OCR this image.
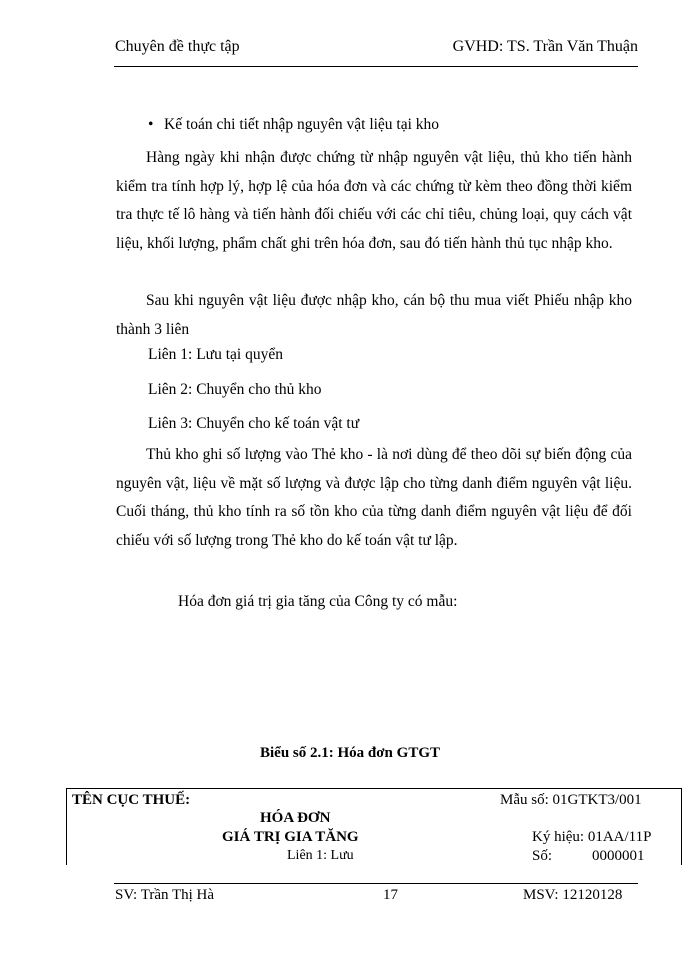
Chuyên đề thực tập	GVHD: TS. Trần Văn Thuận
• Kế toán chi tiết nhập nguyên vật liệu tại kho
Hàng ngày khi nhận được chứng từ nhập nguyên vật liệu, thủ kho tiến hành kiểm tra tính hợp lý, hợp lệ của hóa đơn và các chứng từ kèm theo đồng thời kiểm tra thực tế lô hàng và tiến hành đối chiếu với các chỉ tiêu, chủng loại, quy cách vật liệu, khối lượng, phẩm chất ghi trên hóa đơn, sau đó tiến hành thủ tục nhập kho.
Sau khi nguyên vật liệu được nhập kho, cán bộ thu mua viết Phiếu nhập kho thành 3 liên
Liên 1: Lưu tại quyển
Liên 2: Chuyển cho thủ kho
Liên 3: Chuyển cho kế toán vật tư
Thủ kho ghi số lượng vào Thẻ kho - là nơi dùng để theo dõi sự biến động của nguyên vật, liệu về mặt số lượng và được lập cho từng danh điểm nguyên vật liệu. Cuối tháng, thủ kho tính ra số tồn kho của từng danh điểm nguyên vật liệu để đối chiếu với số lượng trong Thẻ kho do kế toán vật tư lập.
Hóa đơn giá trị gia tăng của Công ty có mẫu:
Biểu số 2.1: Hóa đơn GTGT
TÊN CỤC THUẾ:	Mẫu số: 01GTKT3/001
HÓA ĐƠN
GIÁ TRỊ GIA TĂNG	Ký hiệu: 01AA/11P
Liên 1: Lưu	Số:	0000001
SV: Trần Thị Hà	17	MSV: 12120128
